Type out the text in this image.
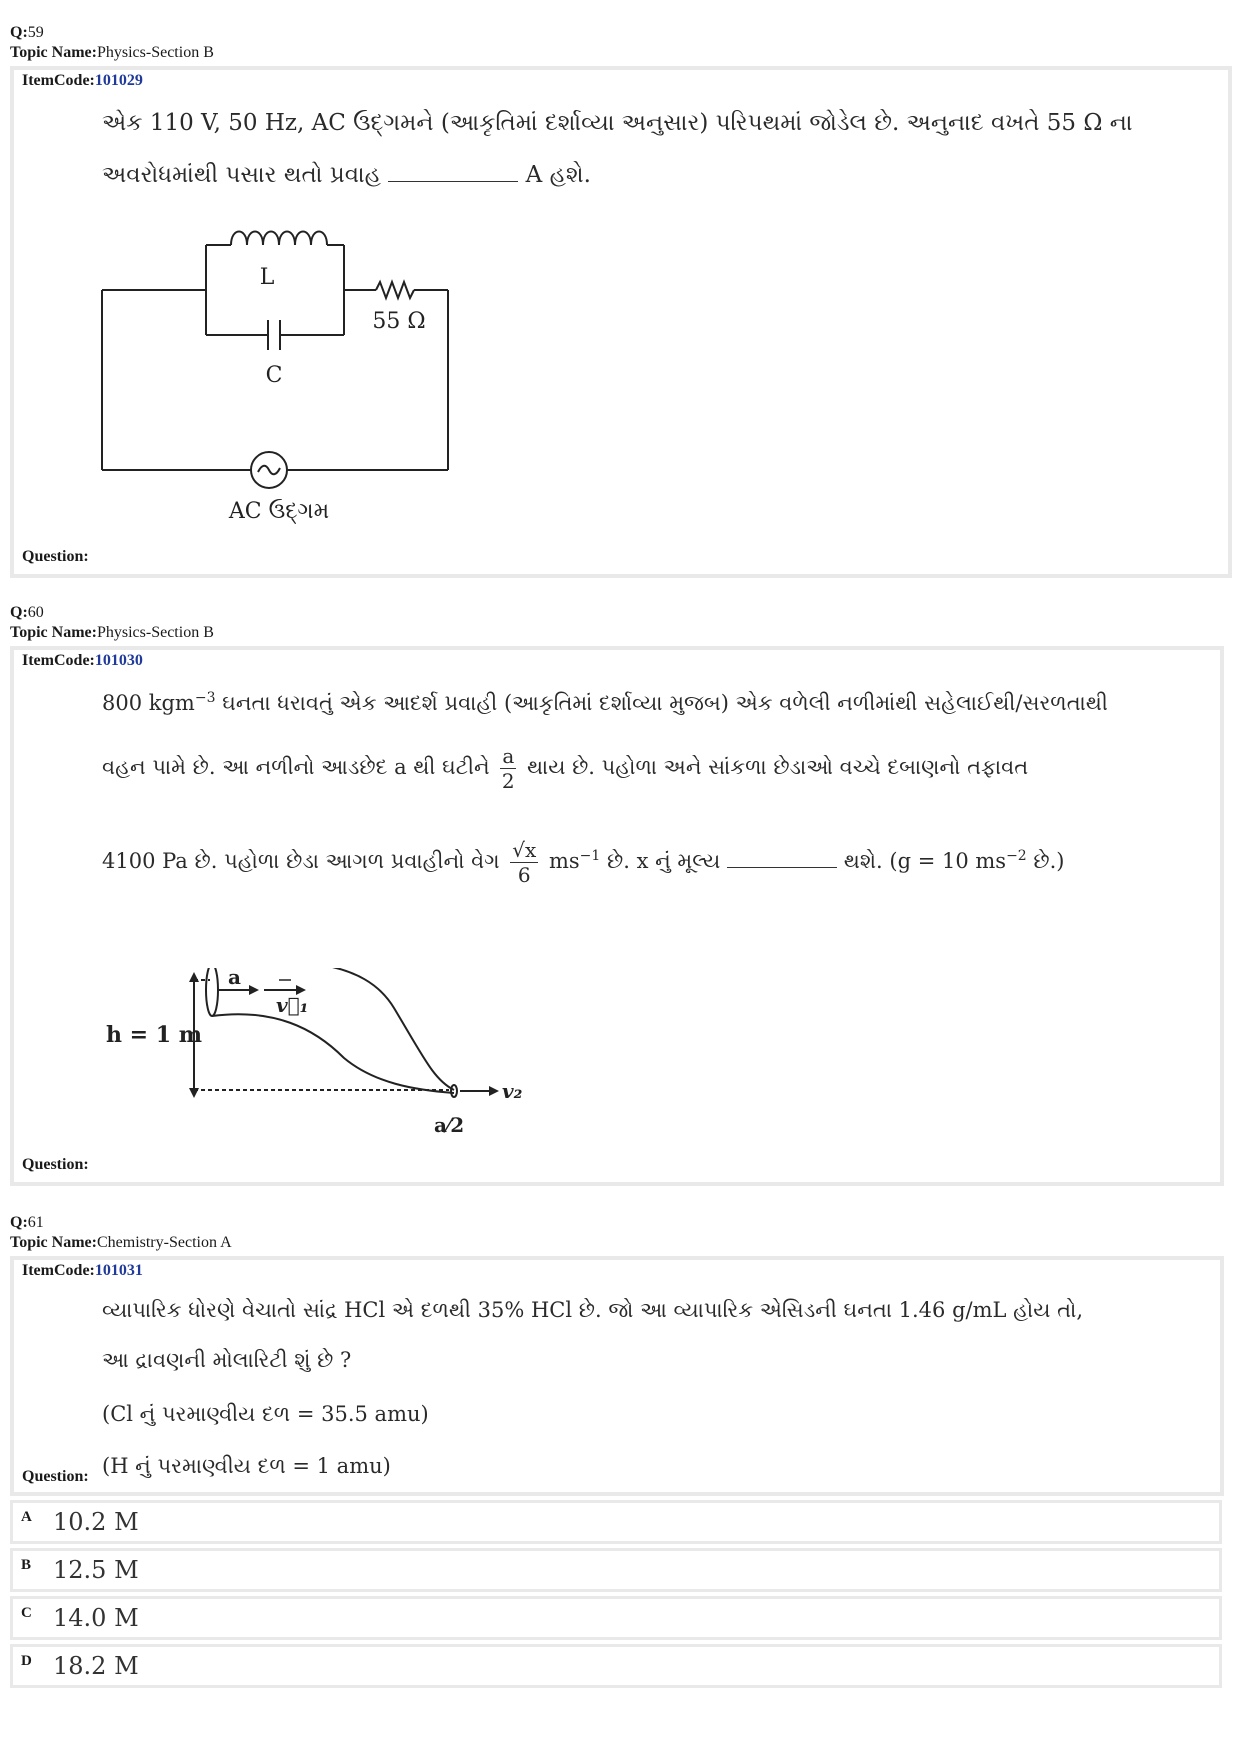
Q:59
Topic Name:Physics-Section B
ItemCode:101029
એક 110 V, 50 Hz, AC ઉદ્ગમને (આકૃતિમાં દર્શાવ્યા અનુસાર) પરિપથમાં જોડેલ છે. અનુનાદ વખતે 55 Ω ના
અવરોધમાંથી પસાર થતો પ્રવાહ	A હશે.
L
55 Ω
C
AC ઉદ્ગમ
Question:
Q:60
Topic Name:Physics-Section B
ItemCode:101030
800 kgm$^{-3}$ ઘનતા ધરાવતું એક આદર્શ પ્રવાહી (આકૃતિમાં દર્શાવ્યા મુજબ) એક વળેલી નળીમાંથી સહેલાઈથી/સરળતાથી
વહન પામે છે. આ નળીનો આડછેદ a થી ઘટીને $\frac{a}{2}$ થાય છે. પહોળા અને સાંકળા છેડાઓ વચ્ચે દબાણનો તફાવત
4100 Pa છે. પહોળા છેડા આગળ પ્રવાહીનો વેગ $\frac{√x}{6} ms^{-1}$ છે. x નું મૂલ્ય	થશે. (g = 10 $ms^{-2}$ છે.)
a
v⃗₁
v₂
h = 1 m
a⁄2
Question:
Q:61
Topic Name:Chemistry-Section A
ItemCode:101031
વ્યાપારિક ધોરણે વેચાતો સાંદ્ર HCl એ દળથી 35% HCl છે. જો આ વ્યાપારિક એસિડની ઘનતા 1.46 g/mL હોય તો,
આ દ્રાવણની મોલારિટી શું છે ?
(Cl નું પરમાણ્વીય દળ = 35.5 amu)
(H નું પરમાણ્વીય દળ = 1 amu)
Question:
A 10.2 M
B 12.5 M
C 14.0 M
D 18.2 M
